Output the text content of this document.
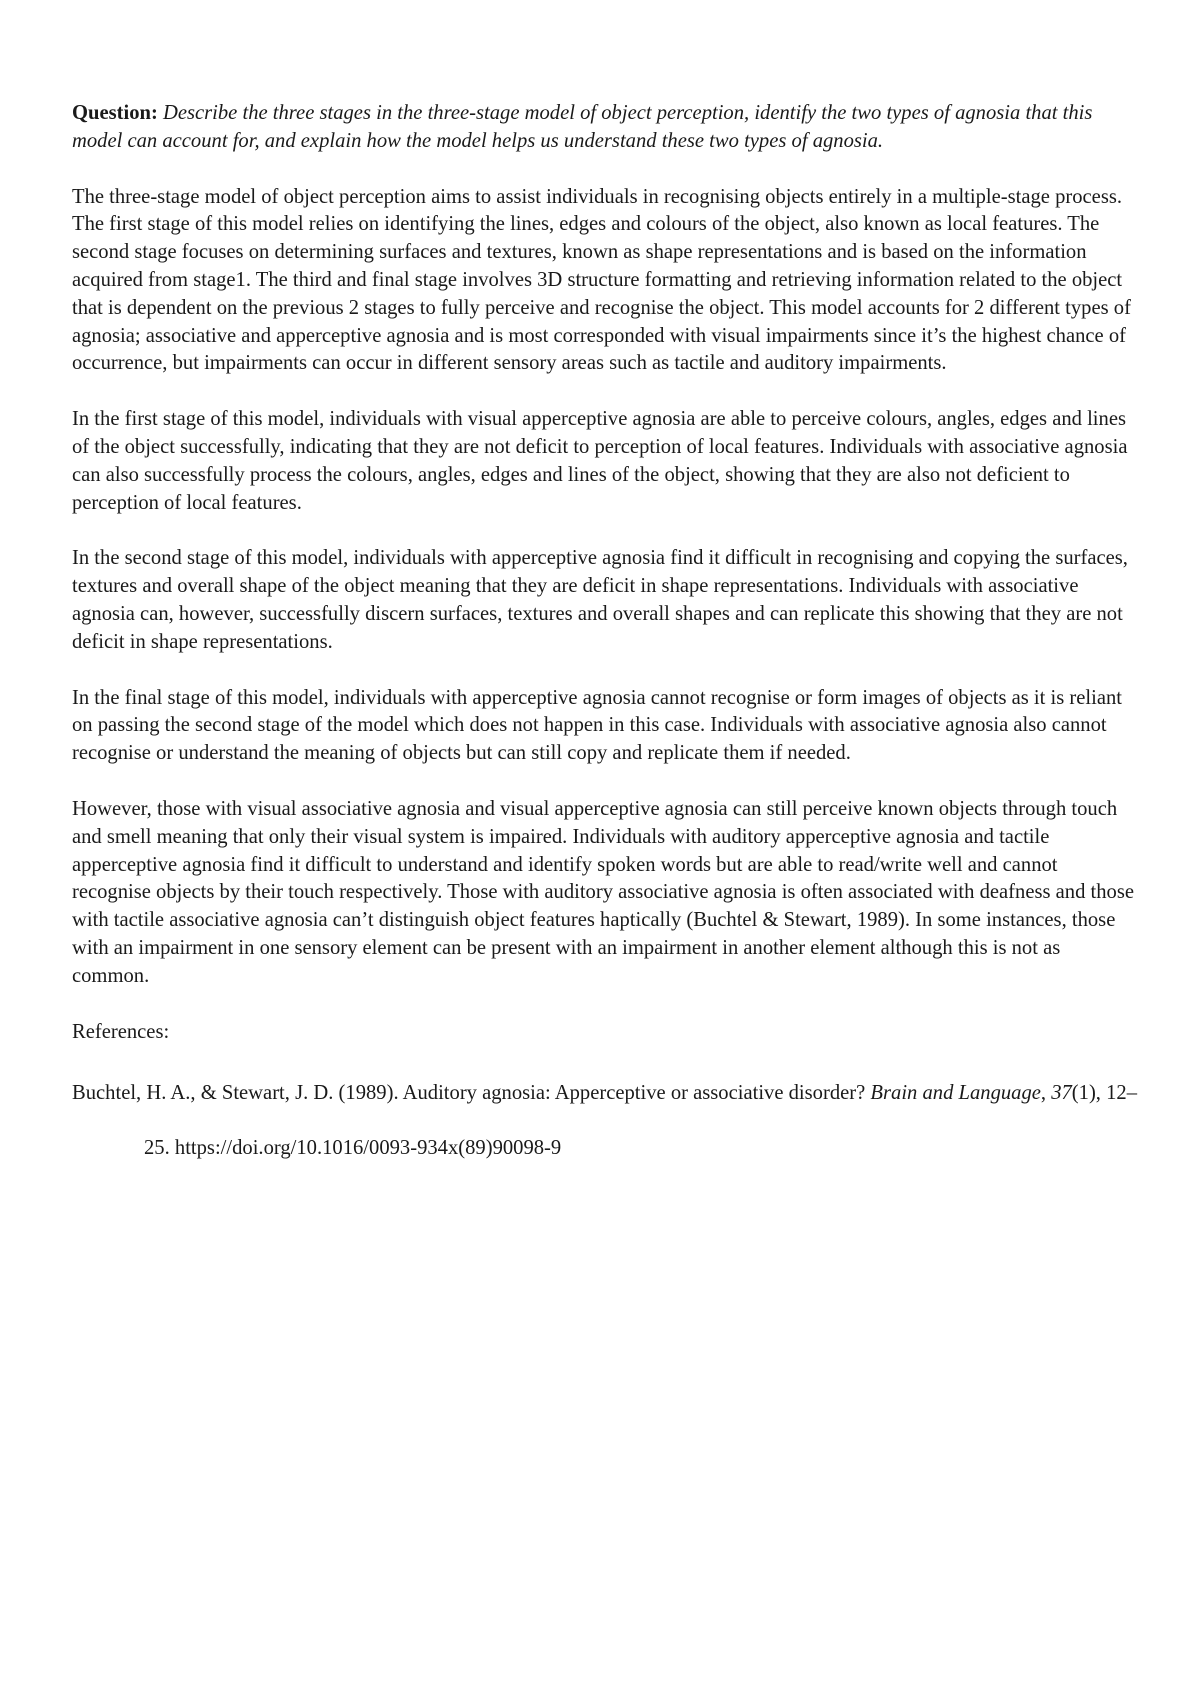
Question: Describe the three stages in the three-stage model of object perception, identify the two types of agnosia that this model can account for, and explain how the model helps us understand these two types of agnosia.

The three-stage model of object perception aims to assist individuals in recognising objects entirely in a multiple-stage process. The first stage of this model relies on identifying the lines, edges and colours of the object, also known as local features. The second stage focuses on determining surfaces and textures, known as shape representations and is based on the information acquired from stage1. The third and final stage involves 3D structure formatting and retrieving information related to the object that is dependent on the previous 2 stages to fully perceive and recognise the object. This model accounts for 2 different types of agnosia; associative and apperceptive agnosia and is most corresponded with visual impairments since it’s the highest chance of occurrence, but impairments can occur in different sensory areas such as tactile and auditory impairments.

In the first stage of this model, individuals with visual apperceptive agnosia are able to perceive colours, angles, edges and lines of the object successfully, indicating that they are not deficit to perception of local features. Individuals with associative agnosia can also successfully process the colours, angles, edges and lines of the object, showing that they are also not deficient to perception of local features.

In the second stage of this model, individuals with apperceptive agnosia find it difficult in recognising and copying the surfaces, textures and overall shape of the object meaning that they are deficit in shape representations. Individuals with associative agnosia can, however, successfully discern surfaces, textures and overall shapes and can replicate this showing that they are not deficit in shape representations.

In the final stage of this model, individuals with apperceptive agnosia cannot recognise or form images of objects as it is reliant on passing the second stage of the model which does not happen in this case. Individuals with associative agnosia also cannot recognise or understand the meaning of objects but can still copy and replicate them if needed.

However, those with visual associative agnosia and visual apperceptive agnosia can still perceive known objects through touch and smell meaning that only their visual system is impaired. Individuals with auditory apperceptive agnosia and tactile apperceptive agnosia find it difficult to understand and identify spoken words but are able to read/write well and cannot recognise objects by their touch respectively. Those with auditory associative agnosia is often associated with deafness and those with tactile associative agnosia can’t distinguish object features haptically (Buchtel & Stewart, 1989). In some instances, those with an impairment in one sensory element can be present with an impairment in another element although this is not as common.

References:

Buchtel, H. A., & Stewart, J. D. (1989). Auditory agnosia: Apperceptive or associative disorder? Brain and Language, 37(1), 12–25. https://doi.org/10.1016/0093-934x(89)90098-9
